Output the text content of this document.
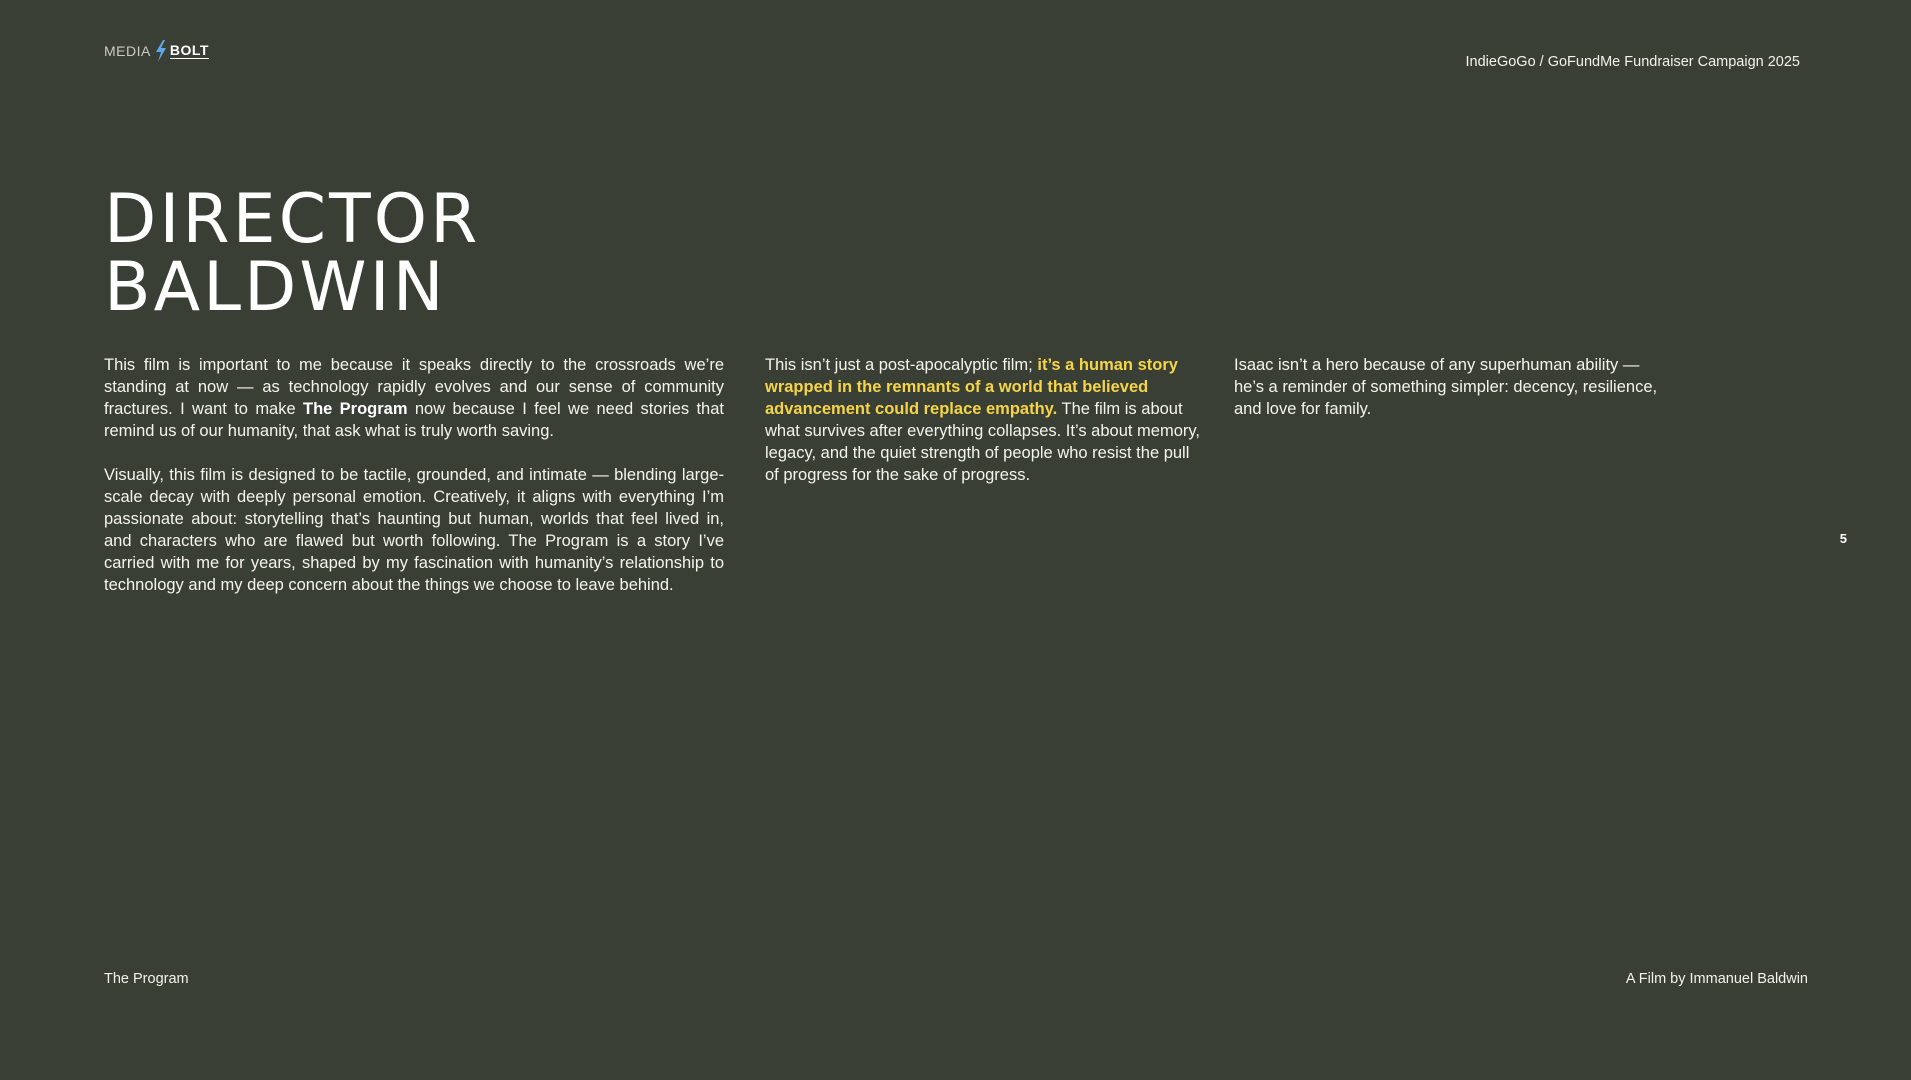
MEDIA BOLT
IndieGoGo / GoFundMe Fundraiser Campaign 2025
DIRECTOR
BALDWIN

This film is important to me because it speaks directly to the crossroads we’re standing at now — as technology rapidly evolves and our sense of community fractures. I want to make The Program now because I feel we need stories that remind us of our humanity, that ask what is truly worth saving.

Visually, this film is designed to be tactile, grounded, and intimate — blending large-scale decay with deeply personal emotion. Creatively, it aligns with everything I’m passionate about: storytelling that’s haunting but human, worlds that feel lived in, and characters who are flawed but worth following. The Program is a story I’ve carried with me for years, shaped by my fascination with humanity’s relationship to technology and my deep concern about the things we choose to leave behind.

This isn’t just a post-apocalyptic film; it’s a human story wrapped in the remnants of a world that believed advancement could replace empathy. The film is about what survives after everything collapses. It’s about memory, legacy, and the quiet strength of people who resist the pull of progress for the sake of progress.

Isaac isn’t a hero because of any superhuman ability — he’s a reminder of something simpler: decency, resilience, and love for family.

5
The Program	A Film by Immanuel Baldwin
